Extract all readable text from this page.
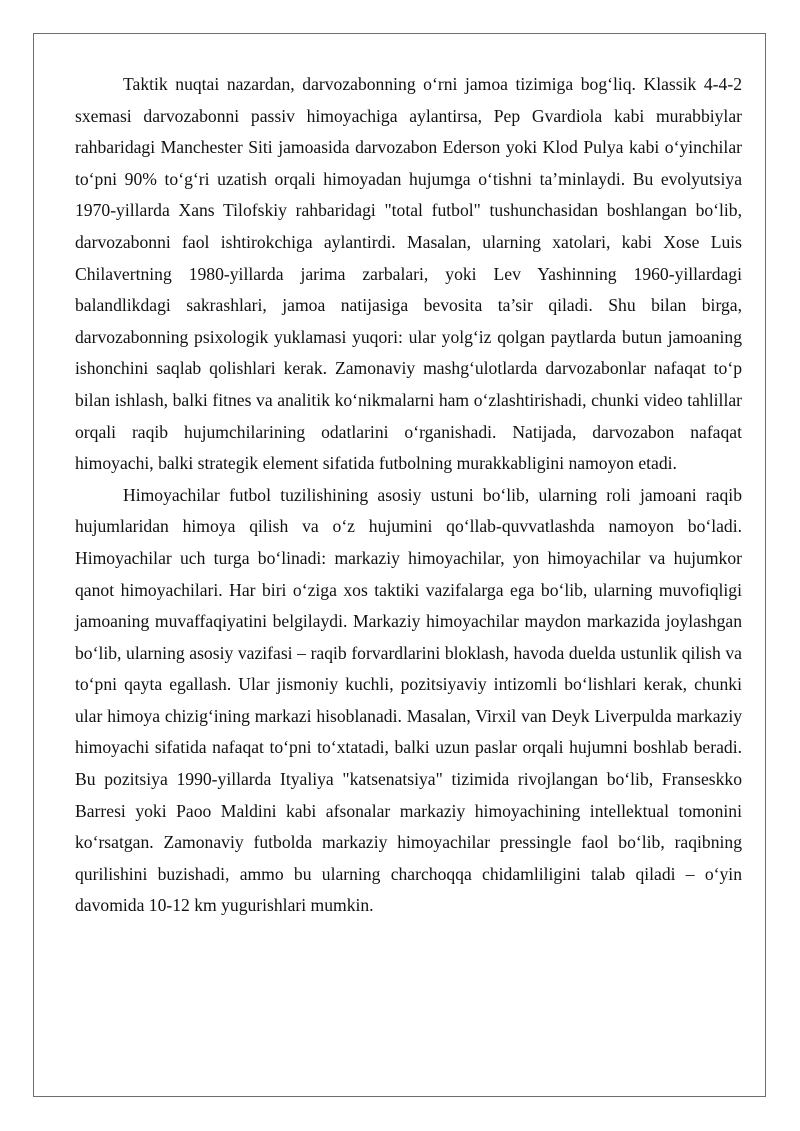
Taktik nuqtai nazardan, darvozabonning o‘rni jamoa tizimiga bog‘liq. Klassik 4-4-2 sxemasi darvozabonni passiv himoyachiga aylantirsa, Pep Gvardiola kabi murabbiylar rahbaridagi Manchester Siti jamoasida darvozabon Ederson yoki Klod Pulya kabi o‘yinchilar to‘pni 90% to‘g‘ri uzatish orqali himoyadan hujumga o‘tishni ta’minlaydi. Bu evolyutsiya 1970-yillarda Xans Tilofskiy rahbaridagi "total futbol" tushunchasidan boshlangan bo‘lib, darvozabonni faol ishtirokchiga aylantirdi. Masalan, ularning xatolari, kabi Xose Luis Chilavertning 1980-yillarda jarima zarbalari, yoki Lev Yashinning 1960-yillardagi balandlikdagi sakrashlari, jamoa natijasiga bevosita ta’sir qiladi. Shu bilan birga, darvozabonning psixologik yuklamasi yuqori: ular yolg‘iz qolgan paytlarda butun jamoaning ishonchini saqlab qolishlari kerak. Zamonaviy mashg‘ulotlarda darvozabonlar nafaqat to‘p bilan ishlash, balki fitnes va analitik ko‘nikmalarni ham o‘zlashtirishadi, chunki video tahlillar orqali raqib hujumchilarining odatlarini o‘rganishadi. Natijada, darvozabon nafaqat himoyachi, balki strategik element sifatida futbolning murakkabligini namoyon etadi.

Himoyachilar futbol tuzilishining asosiy ustuni bo‘lib, ularning roli jamoani raqib hujumlaridan himoya qilish va o‘z hujumini qo‘llab-quvvatlashda namoyon bo‘ladi. Himoyachilar uch turga bo‘linadi: markaziy himoyachilar, yon himoyachilar va hujumkor qanot himoyachilari. Har biri o‘ziga xos taktiki vazifalarga ega bo‘lib, ularning muvofiqligi jamoaning muvaffaqiyatini belgilaydi. Markaziy himoyachilar maydon markazida joylashgan bo‘lib, ularning asosiy vazifasi – raqib forvardlarini bloklash, havoda duelda ustunlik qilish va to‘pni qayta egallash. Ular jismoniy kuchli, pozitsiyaviy intizomli bo‘lishlari kerak, chunki ular himoya chizig‘ining markazi hisoblanadi. Masalan, Virxil van Deyk Liverpulda markaziy himoyachi sifatida nafaqat to‘pni to‘xtatadi, balki uzun paslar orqali hujumni boshlab beradi. Bu pozitsiya 1990-yillarda Ityaliya "katsenatsiya" tizimida rivojlangan bo‘lib, Franseskko Barresi yoki Paoo Maldini kabi afsonalar markaziy himoyachining intellektual tomonini ko‘rsatgan. Zamonaviy futbolda markaziy himoyachilar pressingle faol bo‘lib, raqibning qurilishini buzishadi, ammo bu ularning charchoqqa chidamliligini talab qiladi – o‘yin davomida 10-12 km yugurishlari mumkin.
